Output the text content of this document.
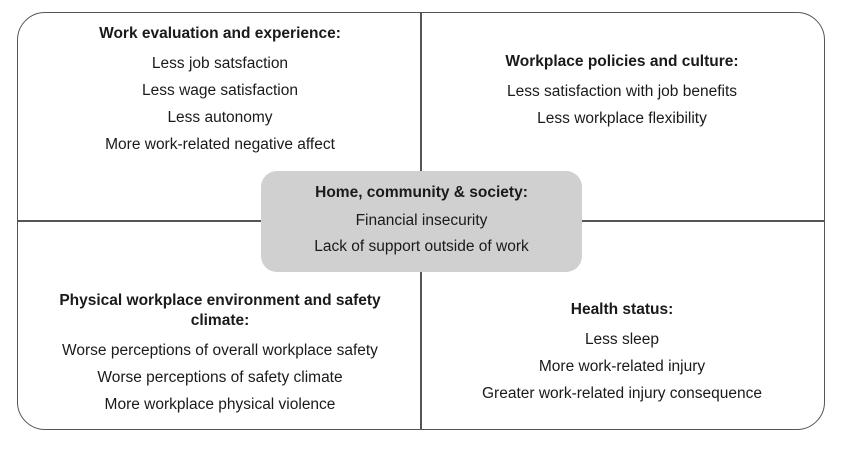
Work evaluation and experience:
Less job satsfaction
Less wage satisfaction
Less autonomy
More work-related negative affect
Workplace policies and culture:
Less satisfaction with job benefits
Less workplace flexibility
Physical workplace environment and safety climate:
Worse perceptions of overall workplace safety
Worse perceptions of safety climate
More workplace physical violence
Health status:
Less sleep
More work-related injury
Greater work-related injury consequence
Home, community & society:
Financial insecurity
Lack of support outside of work
